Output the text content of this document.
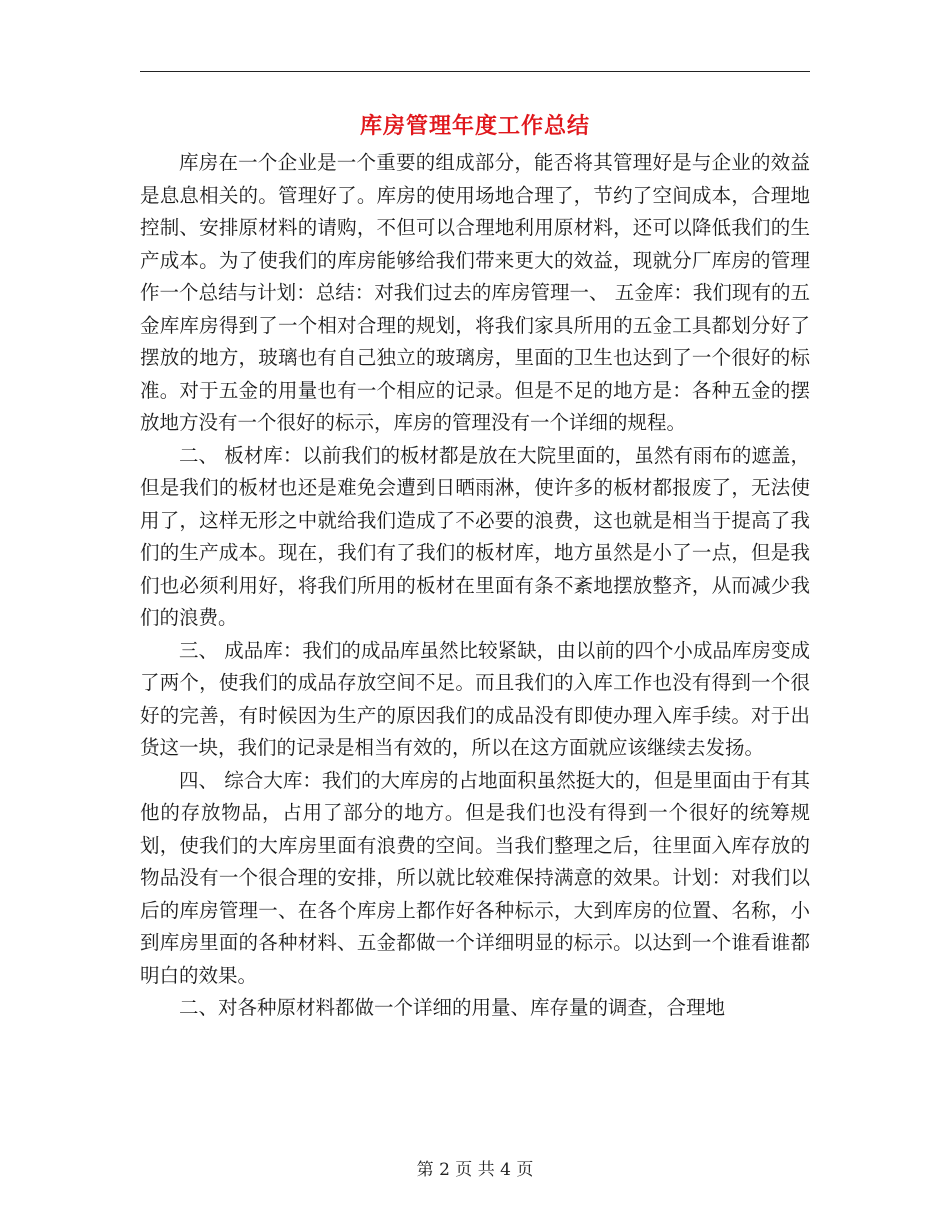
库房管理年度工作总结

库房在一个企业是一个重要的组成部分，能否将其管理好是与企业的效益是息息相关的。管理好了。库房的使用场地合理了，节约了空间成本，合理地控制、安排原材料的请购，不但可以合理地利用原材料，还可以降低我们的生产成本。为了使我们的库房能够给我们带来更大的效益，现就分厂库房的管理作一个总结与计划：总结：对我们过去的库房管理一、 五金库：我们现有的五金库库房得到了一个相对合理的规划，将我们家具所用的五金工具都划分好了摆放的地方，玻璃也有自己独立的玻璃房，里面的卫生也达到了一个很好的标准。对于五金的用量也有一个相应的记录。但是不足的地方是：各种五金的摆放地方没有一个很好的标示，库房的管理没有一个详细的规程。

二、 板材库：以前我们的板材都是放在大院里面的，虽然有雨布的遮盖，但是我们的板材也还是难免会遭到日晒雨淋，使许多的板材都报废了，无法使用了，这样无形之中就给我们造成了不必要的浪费，这也就是相当于提高了我们的生产成本。现在，我们有了我们的板材库，地方虽然是小了一点，但是我们也必须利用好，将我们所用的板材在里面有条不紊地摆放整齐，从而减少我们的浪费。

三、 成品库：我们的成品库虽然比较紧缺，由以前的四个小成品库房变成了两个，使我们的成品存放空间不足。而且我们的入库工作也没有得到一个很好的完善，有时候因为生产的原因我们的成品没有即使办理入库手续。对于出货这一块，我们的记录是相当有效的，所以在这方面就应该继续去发扬。

四、 综合大库：我们的大库房的占地面积虽然挺大的，但是里面由于有其他的存放物品，占用了部分的地方。但是我们也没有得到一个很好的统筹规划，使我们的大库房里面有浪费的空间。当我们整理之后，往里面入库存放的物品没有一个很合理的安排，所以就比较难保持满意的效果。计划：对我们以后的库房管理一、在各个库房上都作好各种标示，大到库房的位置、名称，小到库房里面的各种材料、五金都做一个详细明显的标示。以达到一个谁看谁都明白的效果。

二、对各种原材料都做一个详细的用量、库存量的调查，合理地

第 2 页 共 4 页
